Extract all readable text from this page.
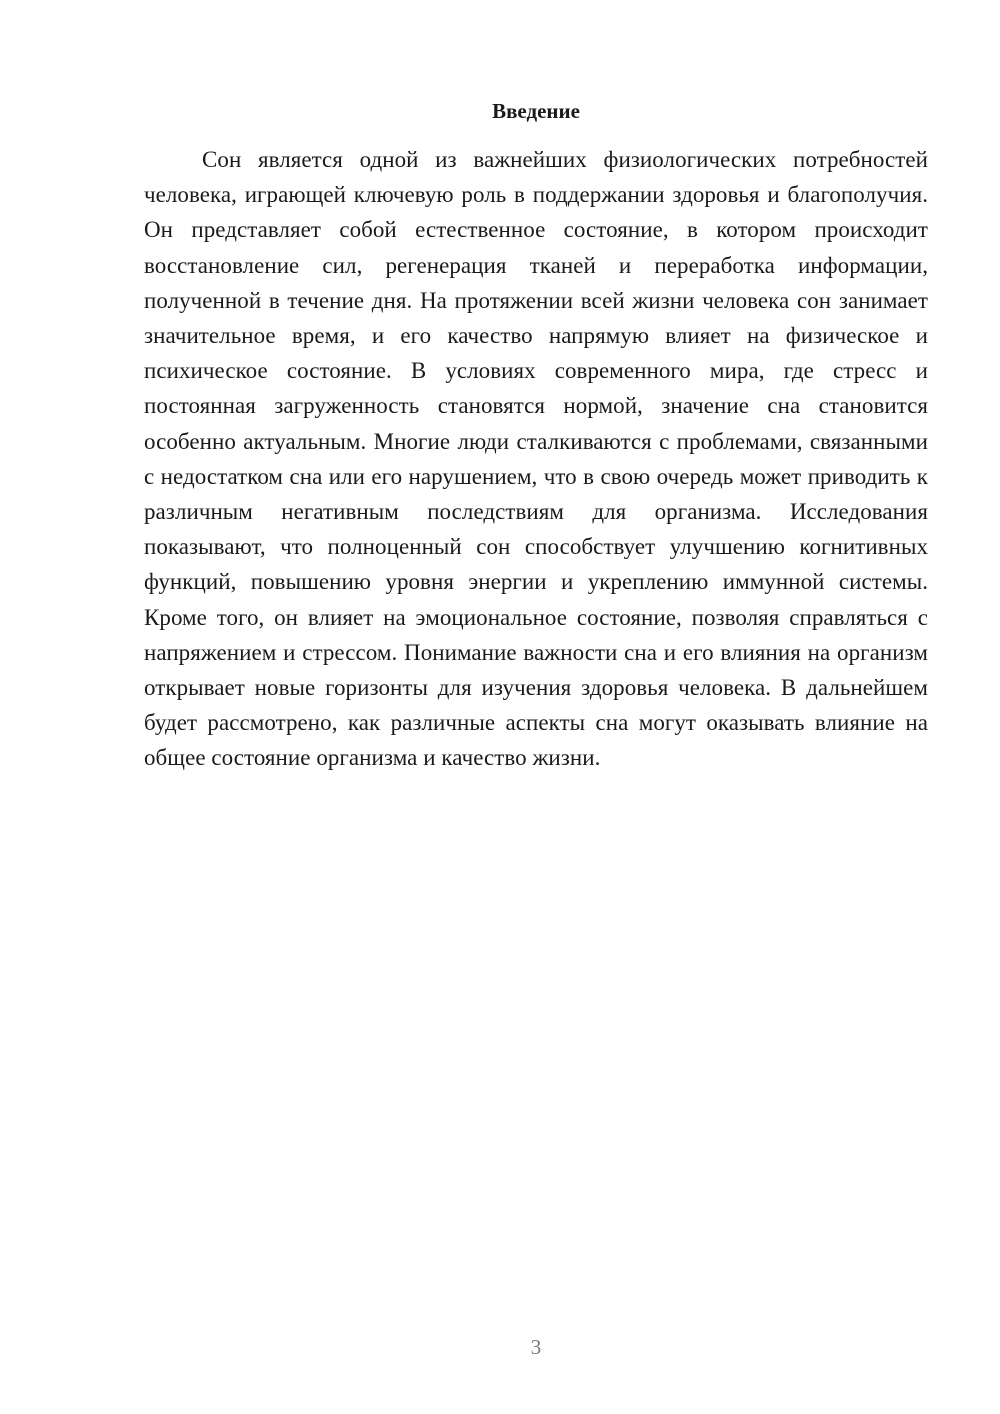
Введение

Сон является одной из важнейших физиологических потребностей человека, играющей ключевую роль в поддержании здоровья и благополучия. Он представляет собой естественное состояние, в котором происходит восстановление сил, регенерация тканей и переработка информации, полученной в течение дня. На протяжении всей жизни человека сон занимает значительное время, и его качество напрямую влияет на физическое и психическое состояние. В условиях современного мира, где стресс и постоянная загруженность становятся нормой, значение сна становится особенно актуальным. Многие люди сталкиваются с проблемами, связанными с недостатком сна или его нарушением, что в свою очередь может приводить к различным негативным последствиям для организма. Исследования показывают, что полноценный сон способствует улучшению когнитивных функций, повышению уровня энергии и укреплению иммунной системы. Кроме того, он влияет на эмоциональное состояние, позволяя справляться с напряжением и стрессом. Понимание важности сна и его влияния на организм открывает новые горизонты для изучения здоровья человека. В дальнейшем будет рассмотрено, как различные аспекты сна могут оказывать влияние на общее состояние организма и качество жизни.

3
